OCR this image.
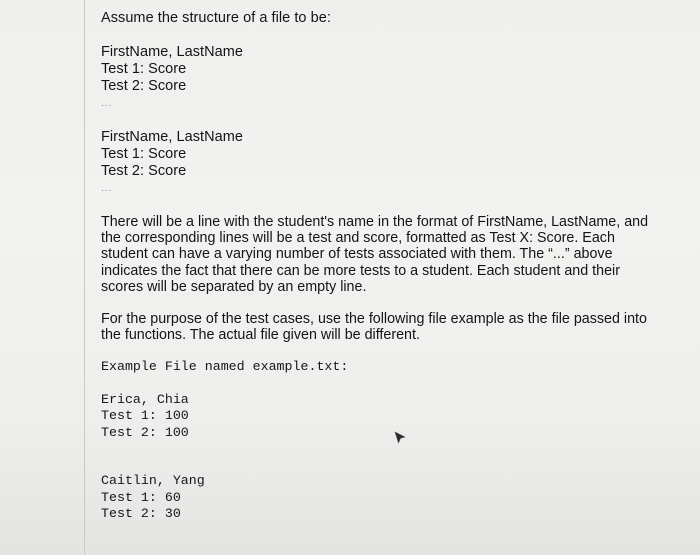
Assume the structure of a file to be:

FirstName, LastName

Test 1: Score

Test 2: Score

...

FirstName, LastName

Test 1: Score

Test 2: Score

...

There will be a line with the student's name in the format of FirstName, LastName, and

the corresponding lines will be a test and score, formatted as Test X: Score. Each

student can have a varying number of tests associated with them. The “...” above

indicates the fact that there can be more tests to a student. Each student and their

scores will be separated by an empty line.

For the purpose of the test cases, use the following file example as the file passed into

the functions. The actual file given will be different.

Example File named example.txt:

Erica, Chia

Test 1: 100

Test 2: 100

Caitlin, Yang

Test 1: 60

Test 2: 30
